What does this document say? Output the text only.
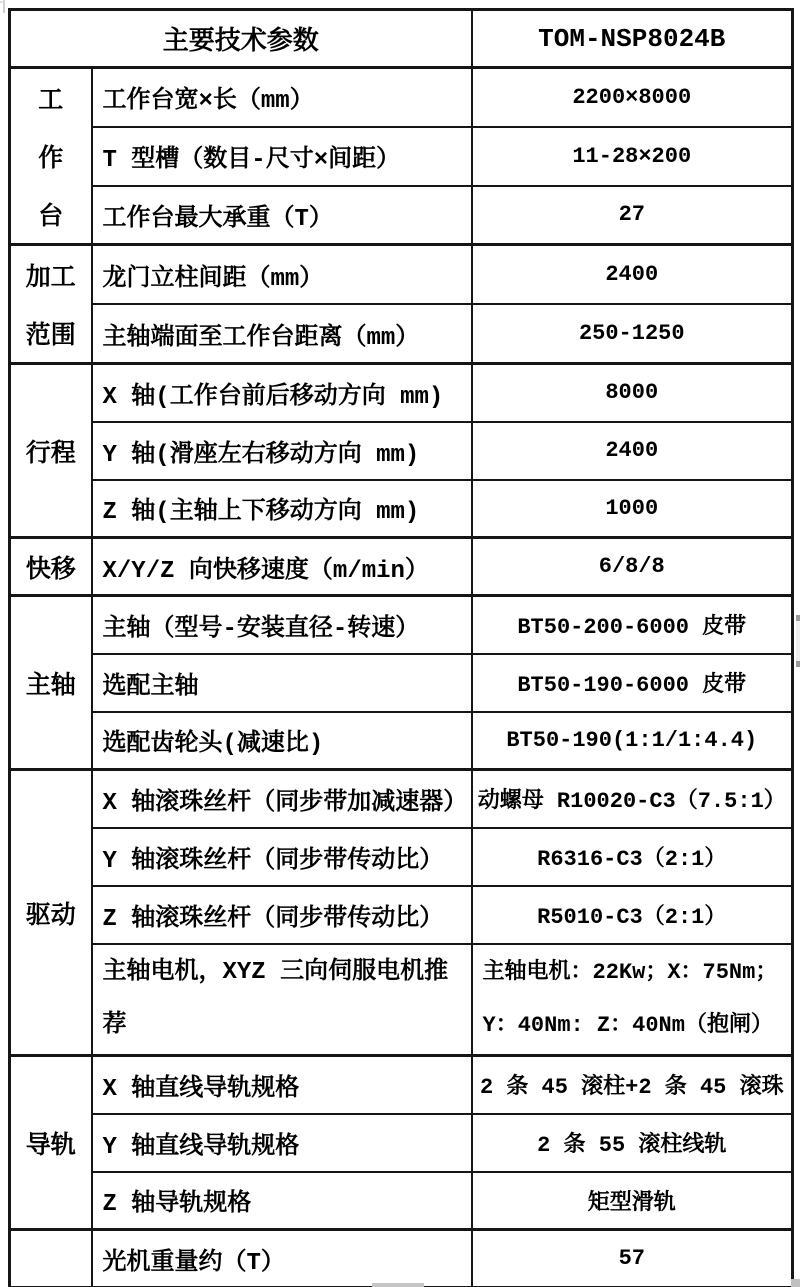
主要技术参数		TOM-NSP8024B

工
作
台	工作台宽×长（mm）	2200×8000
	T 型槽（数目-尺寸×间距）	11-28×200
	工作台最大承重（T）	27

加工
范围	龙门立柱间距（mm）	2400
	主轴端面至工作台距离（mm）	250-1250
行程	X 轴(工作台前后移动方向 mm)	8000
	Y 轴(滑座左右移动方向 mm)	2400
	Z 轴(主轴上下移动方向 mm)	1000
快移	X/Y/Z 向快移速度（m/min）	6/8/8
主轴	主轴（型号-安装直径-转速）	BT50-200-6000 皮带
	选配主轴	BT50-190-6000 皮带
	选配齿轮头(减速比)	BT50-190(1:1/1:4.4)
驱动	X 轴滚珠丝杆（同步带加减速器）	动螺母 R10020-C3（7.5:1）
	Y 轴滚珠丝杆（同步带传动比）	R6316-C3（2:1）
	Z 轴滚珠丝杆（同步带传动比）	R5010-C3（2:1）
	主轴电机，XYZ 三向伺服电机推荐	主轴电机：22Kw；X：75Nm；Y：40Nm: Z：40Nm（抱闸）
导轨	X 轴直线导轨规格	2 条 45 滚柱+2 条 45 滚珠
	Y 轴直线导轨规格	2 条 55 滚柱线轨
	Z 轴导轨规格	矩型滑轨
	光机重量约（T）	57
